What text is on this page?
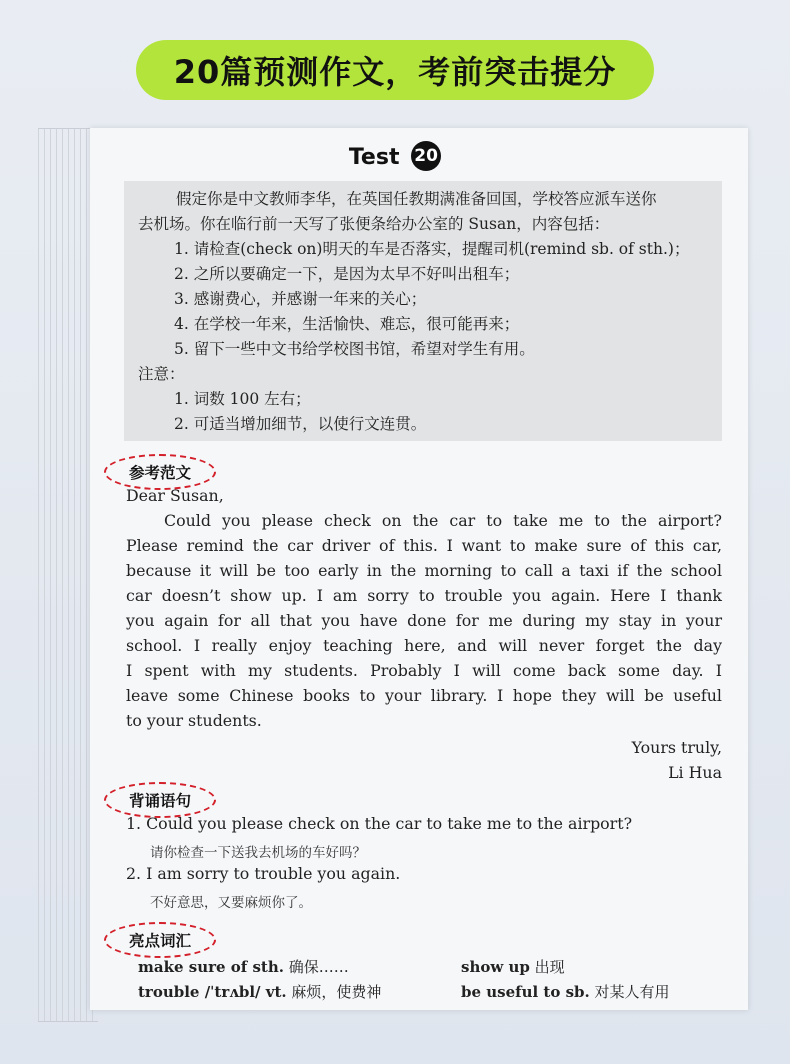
20篇预测作文，考前突击提分
Test 20

假定你是中文教师李华，在英国任教期满准备回国，学校答应派车送你

去机场。你在临行前一天写了张便条给办公室的 Susan，内容包括：

1. 请检查(check on)明天的车是否落实，提醒司机(remind sb. of sth.)；

2. 之所以要确定一下，是因为太早不好叫出租车；

3. 感谢费心，并感谢一年来的关心；

4. 在学校一年来，生活愉快、难忘，很可能再来；

5. 留下一些中文书给学校图书馆，希望对学生有用。

注意：

1. 词数 100 左右；

2. 可适当增加细节，以使行文连贯。

参考范文
Dear Susan,
Could you please check on the car to take me to the airport?
Please remind the car driver of this. I want to make sure of this car,
because it will be too early in the morning to call a taxi if the school
car doesn’t show up. I am sorry to trouble you again. Here I thank
you again for all that you have done for me during my stay in your
school. I really enjoy teaching here, and will never forget the day
I spent with my students. Probably I will come back some day. I
leave some Chinese books to your library. I hope they will be useful
to your students.
Yours truly,
Li Hua
背诵语句
1. Could you please check on the car to take me to the airport?
请你检查一下送我去机场的车好吗？
2. I am sorry to trouble you again.
不好意思，又要麻烦你了。
亮点词汇
make sure of sth. 确保……	show up 出现
trouble /ˈtrʌbl/ vt. 麻烦，使费神	be useful to sb. 对某人有用
